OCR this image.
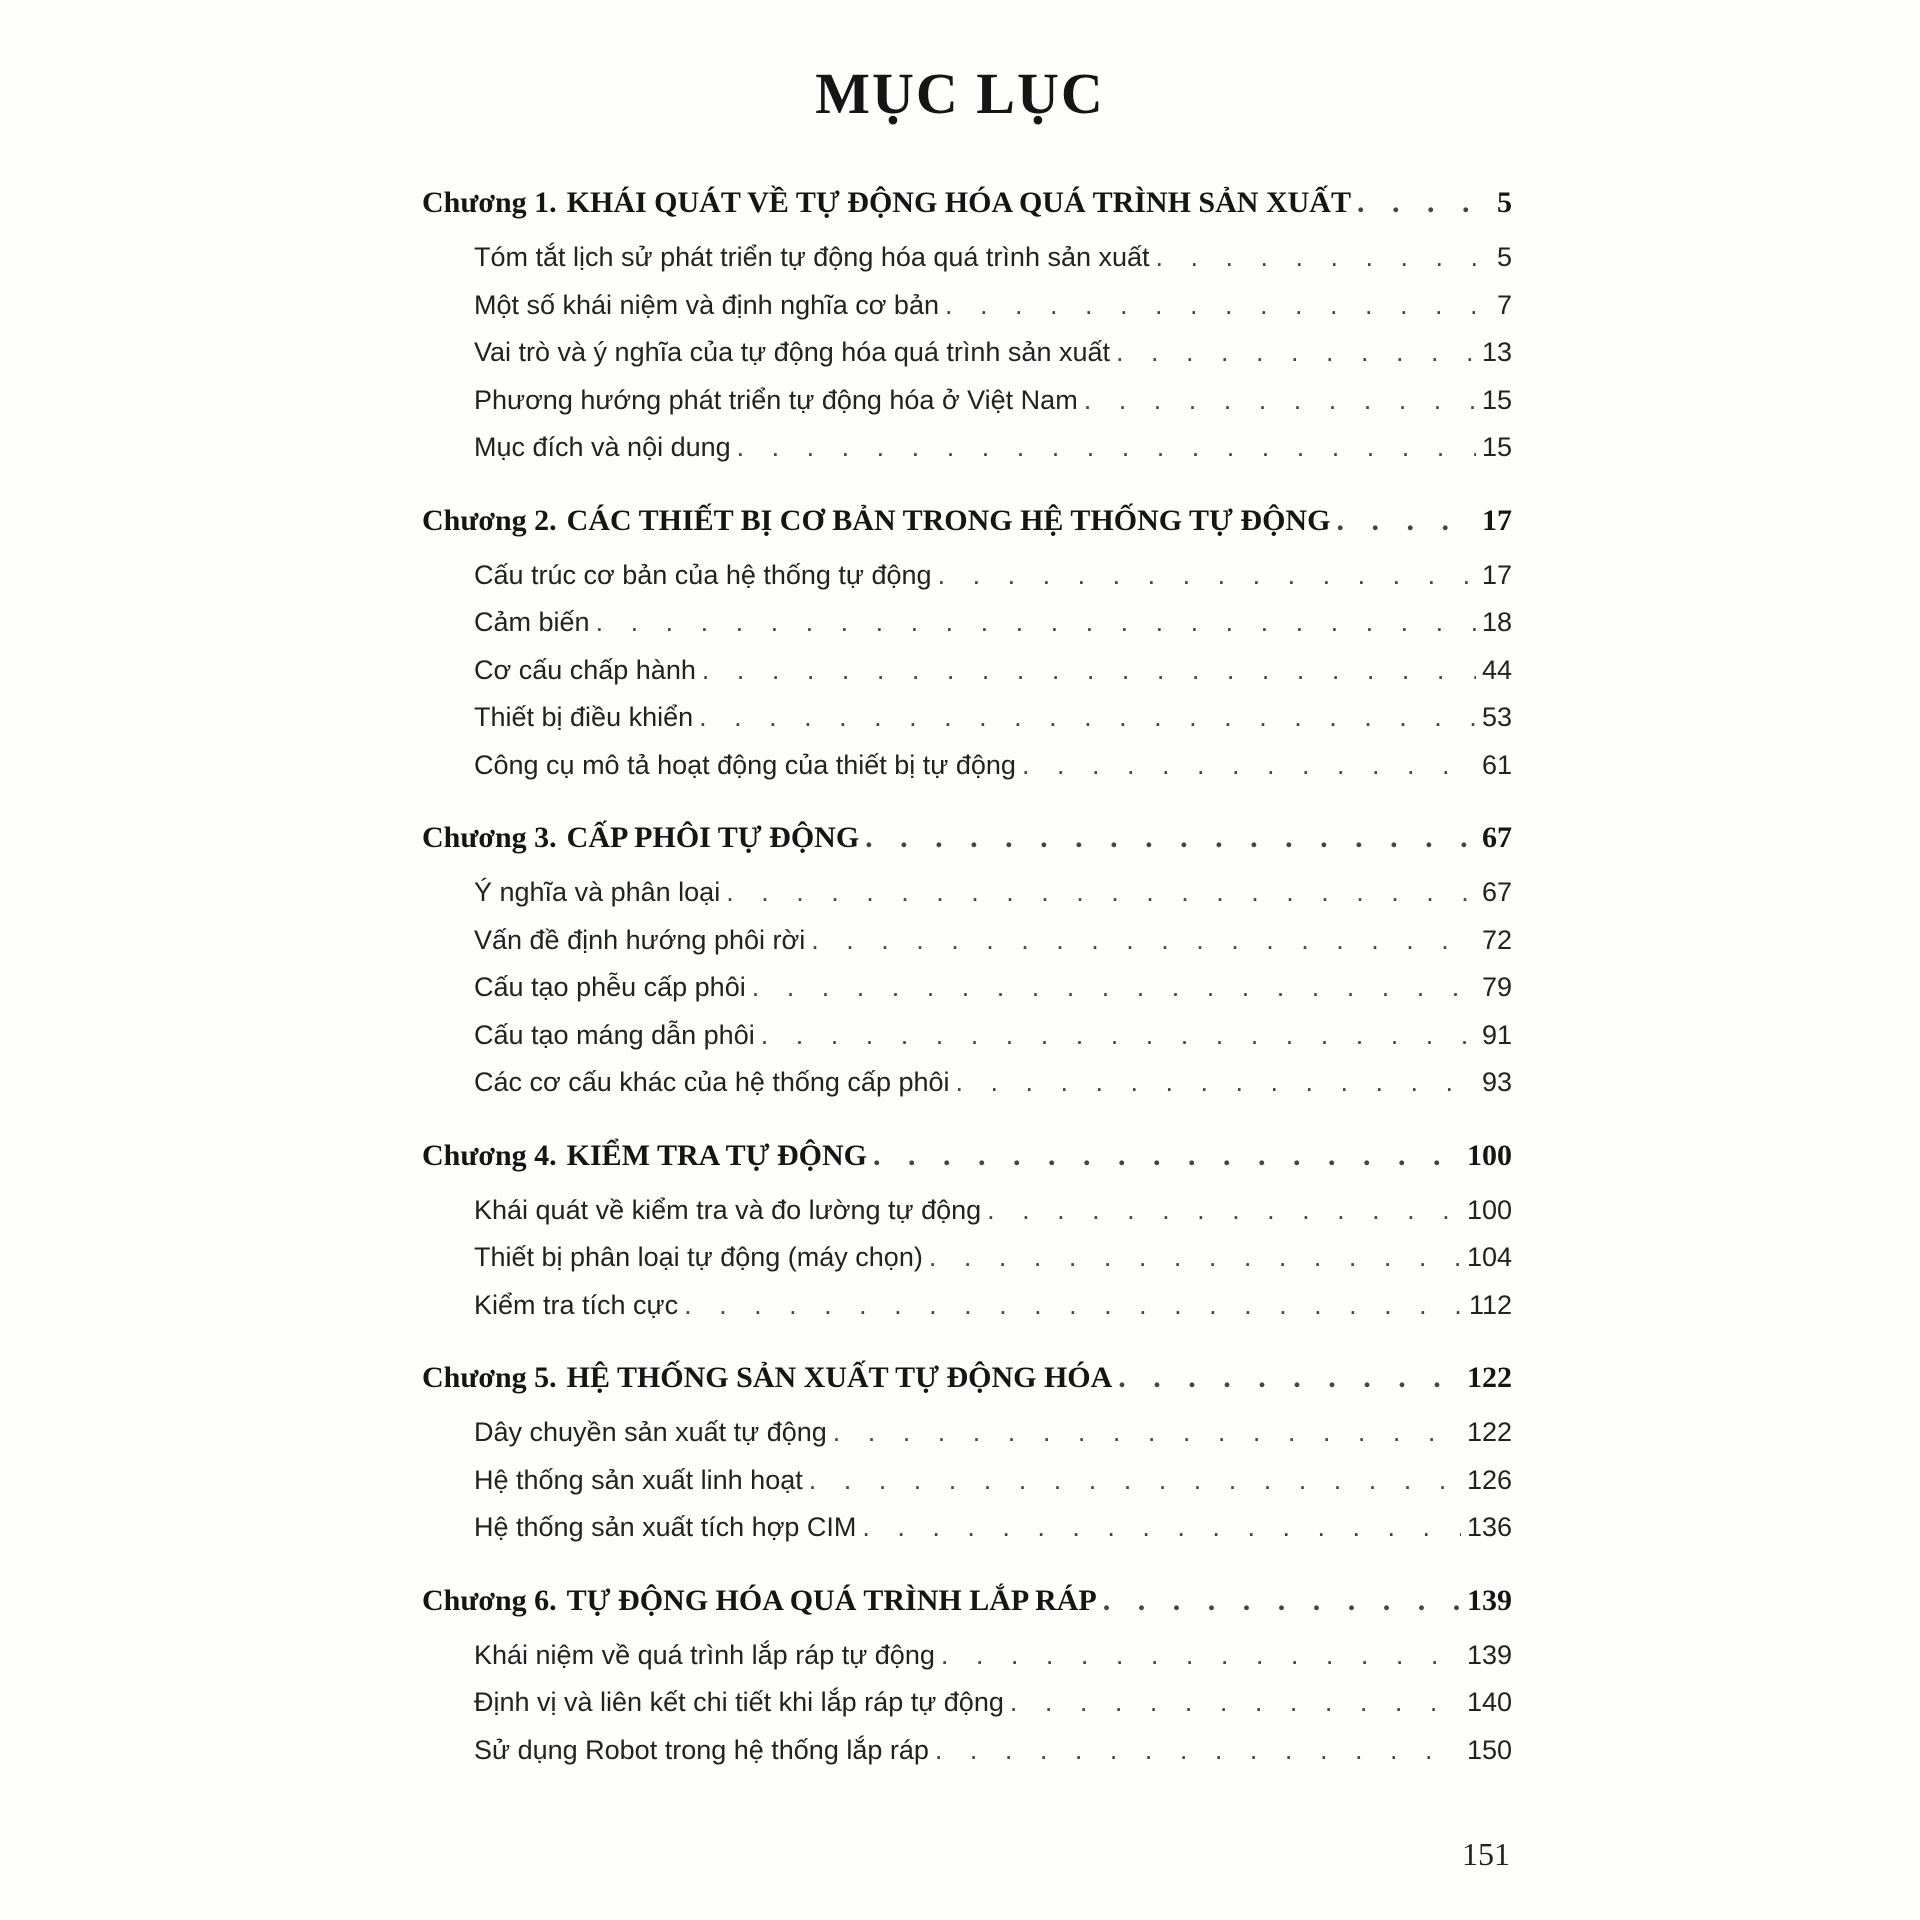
MỤC LỤC
Chương 1. KHÁI QUÁT VỀ TỰ ĐỘNG HÓA QUÁ TRÌNH SẢN XUẤT . . .	5
Tóm tắt lịch sử phát triển tự động hóa quá trình sản xuất . . .	5
Một số khái niệm và định nghĩa cơ bản . . .	7
Vai trò và ý nghĩa của tự động hóa quá trình sản xuất . . .	13
Phương hướng phát triển tự động hóa ở Việt Nam . . .	15
Mục đích và nội dung . . .	15
Chương 2. CÁC THIẾT BỊ CƠ BẢN TRONG HỆ THỐNG TỰ ĐỘNG . . .	17
Cấu trúc cơ bản của hệ thống tự động . . .	17
Cảm biến . . .	18
Cơ cấu chấp hành . . .	44
Thiết bị điều khiển . . .	53
Công cụ mô tả hoạt động của thiết bị tự động . . .	61
Chương 3. CẤP PHÔI TỰ ĐỘNG . . .	67
Ý nghĩa và phân loại . . .	67
Vấn đề định hướng phôi rời . . .	72
Cấu tạo phễu cấp phôi . . .	79
Cấu tạo máng dẫn phôi . . .	91
Các cơ cấu khác của hệ thống cấp phôi . . .	93
Chương 4. KIỂM TRA TỰ ĐỘNG . . .	100
Khái quát về kiểm tra và đo lường tự động . . .	100
Thiết bị phân loại tự động (máy chọn) . . .	104
Kiểm tra tích cực . . .	112
Chương 5. HỆ THỐNG SẢN XUẤT TỰ ĐỘNG HÓA . . .	122
Dây chuyền sản xuất tự động . . .	122
Hệ thống sản xuất linh hoạt . . .	126
Hệ thống sản xuất tích hợp CIM . . .	136
Chương 6. TỰ ĐỘNG HÓA QUÁ TRÌNH LẮP RÁP . . .	139
Khái niệm về quá trình lắp ráp tự động . . .	139
Định vị và liên kết chi tiết khi lắp ráp tự động . . .	140
Sử dụng Robot trong hệ thống lắp ráp . . .	150
151
